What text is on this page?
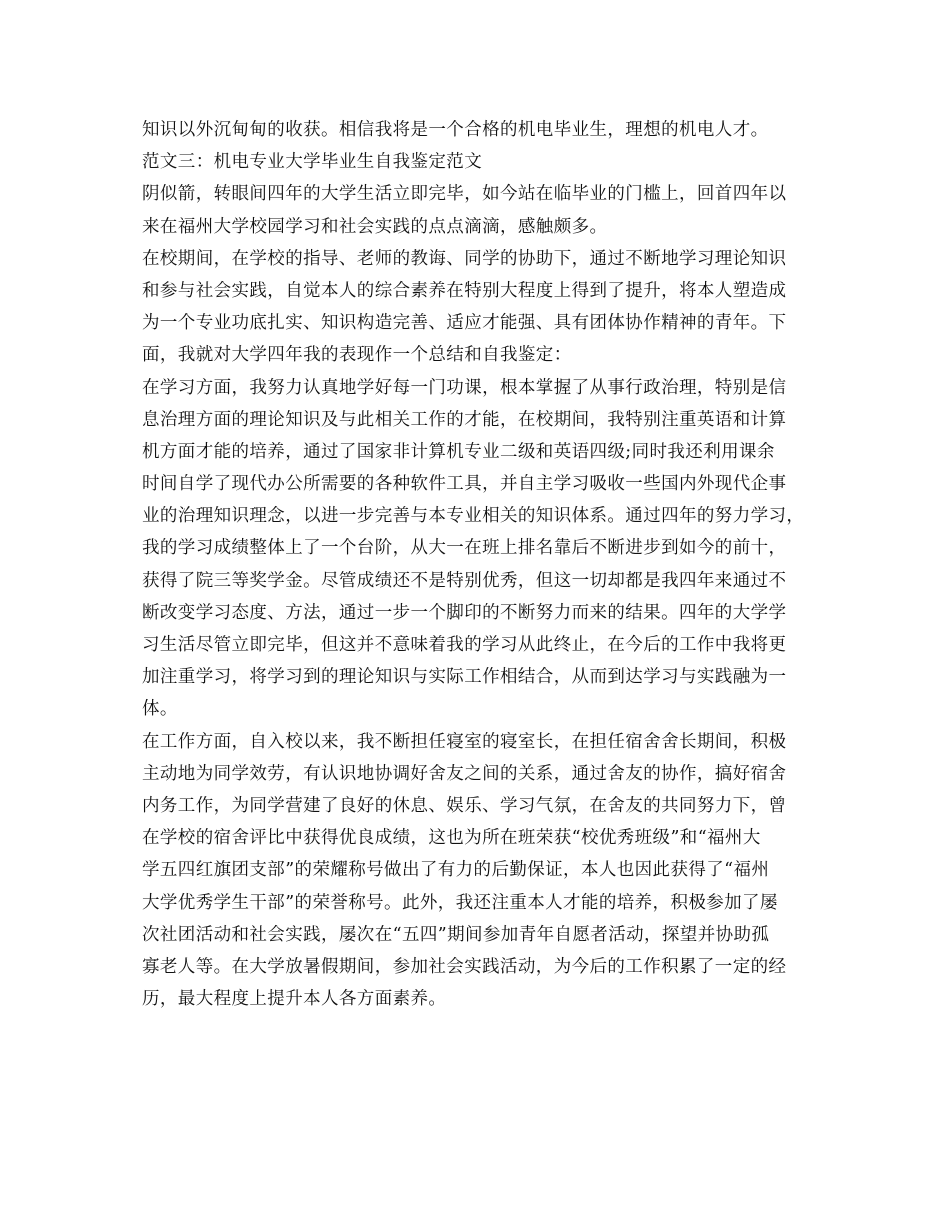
知识以外沉甸甸的收获。相信我将是一个合格的机电毕业生，理想的机电人才。
范文三：机电专业大学毕业生自我鉴定范文
阴似箭，转眼间四年的大学生活立即完毕，如今站在临毕业的门槛上，回首四年以
来在福州大学校园学习和社会实践的点点滴滴，感触颇多。
在校期间，在学校的指导、老师的教诲、同学的协助下，通过不断地学习理论知识
和参与社会实践，自觉本人的综合素养在特别大程度上得到了提升，将本人塑造成
为一个专业功底扎实、知识构造完善、适应才能强、具有团体协作精神的青年。下
面，我就对大学四年我的表现作一个总结和自我鉴定：
在学习方面，我努力认真地学好每一门功课，根本掌握了从事行政治理，特别是信
息治理方面的理论知识及与此相关工作的才能，在校期间，我特别注重英语和计算
机方面才能的培养，通过了国家非计算机专业二级和英语四级;同时我还利用课余
时间自学了现代办公所需要的各种软件工具，并自主学习吸收一些国内外现代企事
业的治理知识理念，以进一步完善与本专业相关的知识体系。通过四年的努力学习，
我的学习成绩整体上了一个台阶，从大一在班上排名靠后不断进步到如今的前十，
获得了院三等奖学金。尽管成绩还不是特别优秀，但这一切却都是我四年来通过不
断改变学习态度、方法，通过一步一个脚印的不断努力而来的结果。四年的大学学
习生活尽管立即完毕，但这并不意味着我的学习从此终止，在今后的工作中我将更
加注重学习，将学习到的理论知识与实际工作相结合，从而到达学习与实践融为一
体。
在工作方面，自入校以来，我不断担任寝室的寝室长，在担任宿舍舍长期间，积极
主动地为同学效劳，有认识地协调好舍友之间的关系，通过舍友的协作，搞好宿舍
内务工作，为同学营建了良好的休息、娱乐、学习气氛，在舍友的共同努力下，曾
在学校的宿舍评比中获得优良成绩，这也为所在班荣获“校优秀班级”和“福州大
学五四红旗团支部”的荣耀称号做出了有力的后勤保证，本人也因此获得了“福州
大学优秀学生干部”的荣誉称号。此外，我还注重本人才能的培养，积极参加了屡
次社团活动和社会实践，屡次在“五四”期间参加青年自愿者活动，探望并协助孤
寡老人等。在大学放暑假期间，参加社会实践活动，为今后的工作积累了一定的经
历，最大程度上提升本人各方面素养。
